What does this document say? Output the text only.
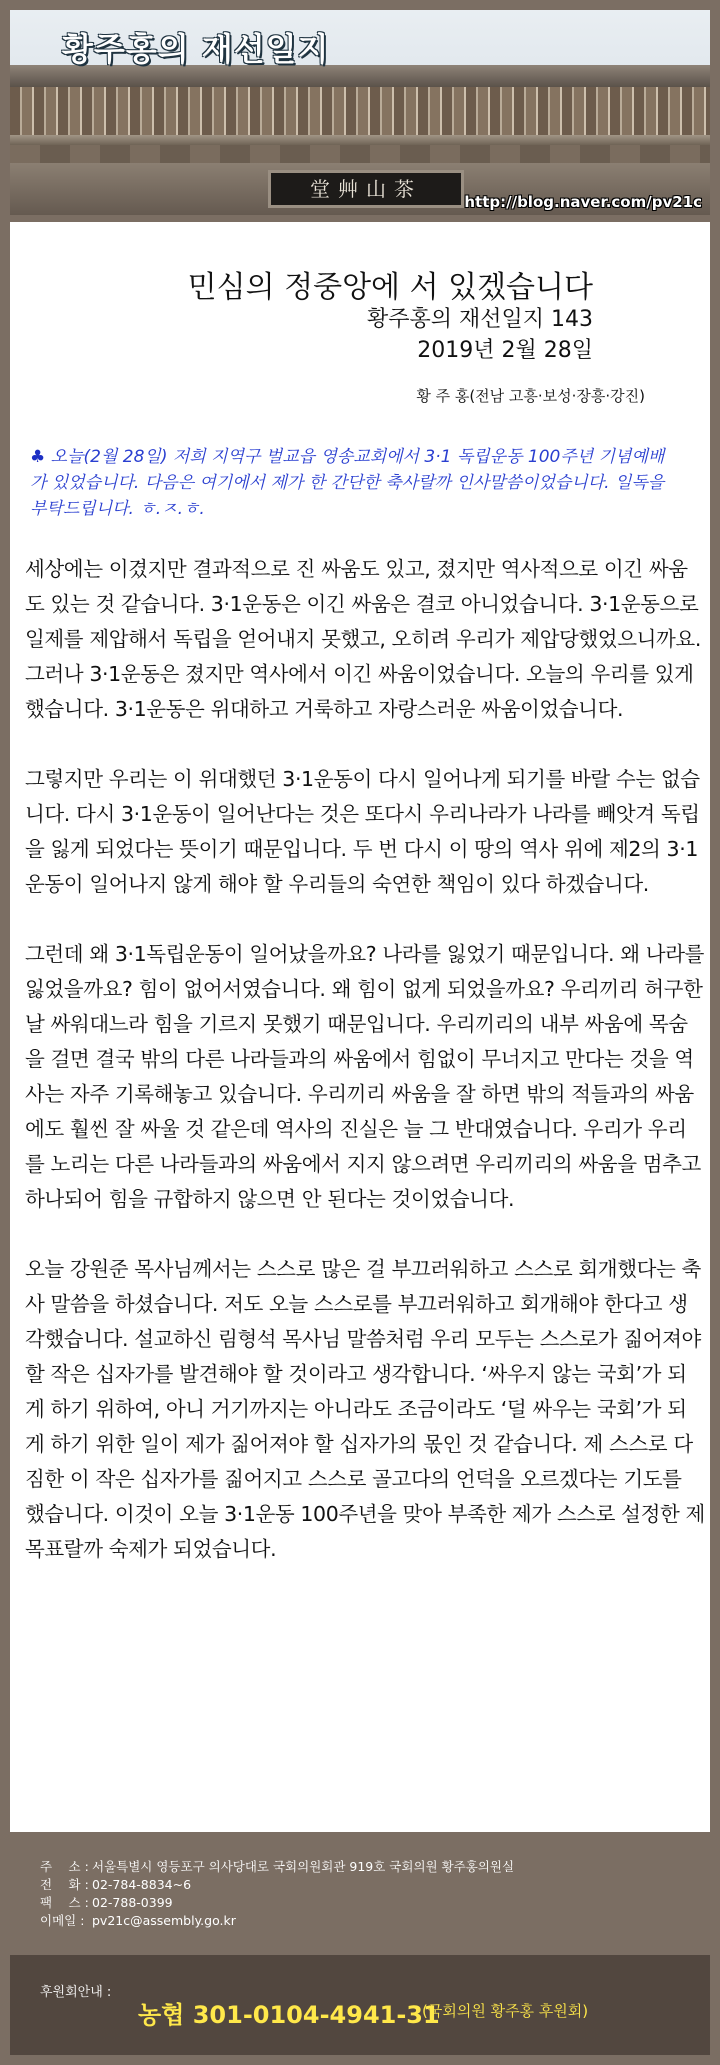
堂艸山茶
황주홍의 재선일지
http://blog.naver.com/pv21c
민심의 정중앙에 서 있겠습니다
황주홍의 재선일지 143
2019년 2월 28일
황 주 홍(전남 고흥·보성·장흥·강진)

♣ 오늘(2월 28일) 저희 지역구 벌교읍 영송교회에서 3·1 독립운동 100주년 기념예배가 있었습니다. 다음은 여기에서 제가 한 간단한 축사랄까 인사말씀이었습니다. 일독을 부탁드립니다. ㅎ.ㅈ.ㅎ.

세상에는 이겼지만 결과적으로 진 싸움도 있고, 졌지만 역사적으로 이긴 싸움도 있는 것 같습니다. 3·1운동은 이긴 싸움은 결코 아니었습니다. 3·1운동으로 일제를 제압해서 독립을 얻어내지 못했고, 오히려 우리가 제압당했었으니까요. 그러나 3·1운동은 졌지만 역사에서 이긴 싸움이었습니다. 오늘의 우리를 있게 했습니다. 3·1운동은 위대하고 거룩하고 자랑스러운 싸움이었습니다.

그렇지만 우리는 이 위대했던 3·1운동이 다시 일어나게 되기를 바랄 수는 없습니다. 다시 3·1운동이 일어난다는 것은 또다시 우리나라가 나라를 빼앗겨 독립을 잃게 되었다는 뜻이기 때문입니다. 두 번 다시 이 땅의 역사 위에 제2의 3·1운동이 일어나지 않게 해야 할 우리들의 숙연한 책임이 있다 하겠습니다.

그런데 왜 3·1독립운동이 일어났을까요? 나라를 잃었기 때문입니다. 왜 나라를 잃었을까요? 힘이 없어서였습니다. 왜 힘이 없게 되었을까요? 우리끼리 허구한 날 싸워대느라 힘을 기르지 못했기 때문입니다. 우리끼리의 내부 싸움에 목숨을 걸면 결국 밖의 다른 나라들과의 싸움에서 힘없이 무너지고 만다는 것을 역사는 자주 기록해놓고 있습니다. 우리끼리 싸움을 잘 하면 밖의 적들과의 싸움에도 훨씬 잘 싸울 것 같은데 역사의 진실은 늘 그 반대였습니다. 우리가 우리를 노리는 다른 나라들과의 싸움에서 지지 않으려면 우리끼리의 싸움을 멈추고 하나되어 힘을 규합하지 않으면 안 된다는 것이었습니다.

오늘 강원준 목사님께서는 스스로 많은 걸 부끄러워하고 스스로 회개했다는 축사 말씀을 하셨습니다. 저도 오늘 스스로를 부끄러워하고 회개해야 한다고 생각했습니다. 설교하신 림형석 목사님 말씀처럼 우리 모두는 스스로가 짊어져야 할 작은 십자가를 발견해야 할 것이라고 생각합니다. ‘싸우지 않는 국회’가 되게 하기 위하여, 아니 거기까지는 아니라도 조금이라도 ‘덜 싸우는 국회’가 되게 하기 위한 일이 제가 짊어져야 할 십자가의 몫인 것 같습니다. 제 스스로 다짐한 이 작은 십자가를 짊어지고 스스로 골고다의 언덕을 오르겠다는 기도를 했습니다. 이것이 오늘 3·1운동 100주년을 맞아 부족한 제가 스스로 설정한 제 목표랄까 숙제가 되었습니다.

주　 소 : 서울특별시 영등포구 의사당대로 국회의원회관 919호 국회의원 황주홍의원실
전　 화 : 02-784-8834~6
팩　 스 : 02-788-0399
이메일 : pv21c@assembly.go.kr
후원회안내 :
농협 301-0104-4941-31
(국회의원 황주홍 후원회)
